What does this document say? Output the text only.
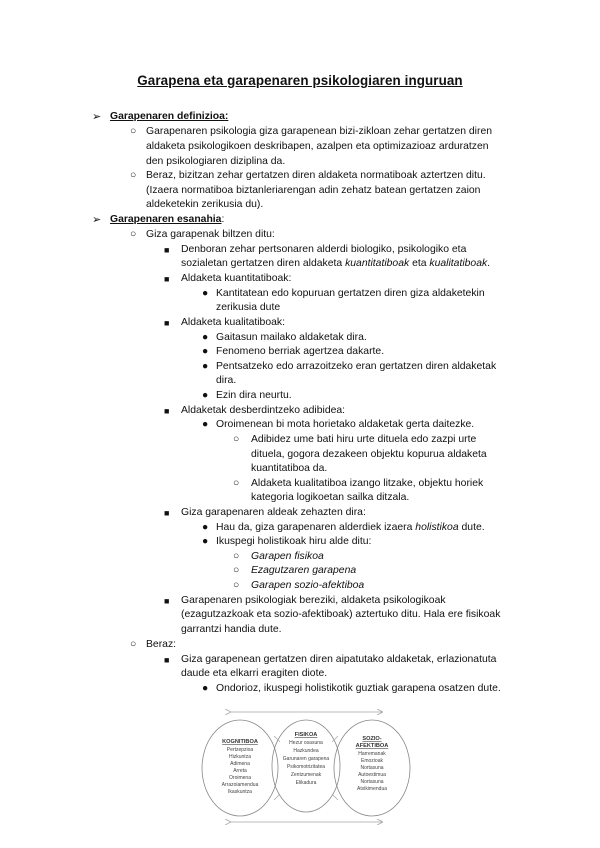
Garapena eta garapenaren psikologiaren inguruan
➢ Garapenaren definizioa:
○ Garapenaren psikologia giza garapenean bizi-zikloan zehar gertatzen diren
aldaketa psikologikoen deskribapen, azalpen eta optimizazioaz arduratzen
den psikologiaren diziplina da.
○ Beraz, bizitzan zehar gertatzen diren aldaketa normatiboak aztertzen ditu.
(Izaera normatiboa biztanleriarengan adin zehatz batean gertatzen zaion
aldeketekin zerikusia du).
➢ Garapenaren esanahia:
○ Giza garapenak biltzen ditu:
■ Denboran zehar pertsonaren alderdi biologiko, psikologiko eta
sozialetan gertatzen diren aldaketa kuantitatiboak eta kualitatiboak.
■ Aldaketa kuantitatiboak:
● Kantitatean edo kopuruan gertatzen diren giza aldaketekin
zerikusia dute
■ Aldaketa kualitatiboak:
● Gaitasun mailako aldaketak dira.
● Fenomeno berriak agertzea dakarte.
● Pentsatzeko edo arrazoitzeko eran gertatzen diren aldaketak
dira.
● Ezin dira neurtu.
■ Aldaketak desberdintzeko adibidea:
● Oroimenean bi mota horietako aldaketak gerta daitezke.
○ Adibidez ume bati hiru urte dituela edo zazpi urte
dituela, gogora dezakeen objektu kopurua aldaketa
kuantitatiboa da.
○ Aldaketa kualitatiboa izango litzake, objektu horiek
kategoria logikoetan sailka ditzala.
■ Giza garapenaren aldeak zehazten dira:
● Hau da, giza garapenaren alderdiek izaera holistikoa dute.
● Ikuspegi holistikoak hiru alde ditu:
○ Garapen fisikoa
○ Ezagutzaren garapena
○ Garapen sozio-afektiboa
■ Garapenaren psikologiak bereziki, aldaketa psikologikoak
(ezagutzazkoak eta sozio-afektiboak) aztertuko ditu. Hala ere fisikoak
garrantzi handia dute.
○ Beraz:
■ Giza garapenean gertatzen diren aipatutako aldaketak, erlazionatuta
daude eta elkarri eragiten diote.
● Ondorioz, ikuspegi holistikotik guztiak garapena osatzen dute.
KOGNITIBOA
Pertzepzioa
Hizkuntza
Adimena
Arreta
Oroimena
Arrazoiamendua
Ikaskuntza
FISIKOA
Hezur osasuna
Hazkundea
Garunaren garapena
Psikomotrizitatea
Zentzumenak
Elikadura
SOZIO-
AFEKTIBOA
Harremanak
Emozioak
Nortasuna
Autoestimua
Nortasuna
Atxikimendua
